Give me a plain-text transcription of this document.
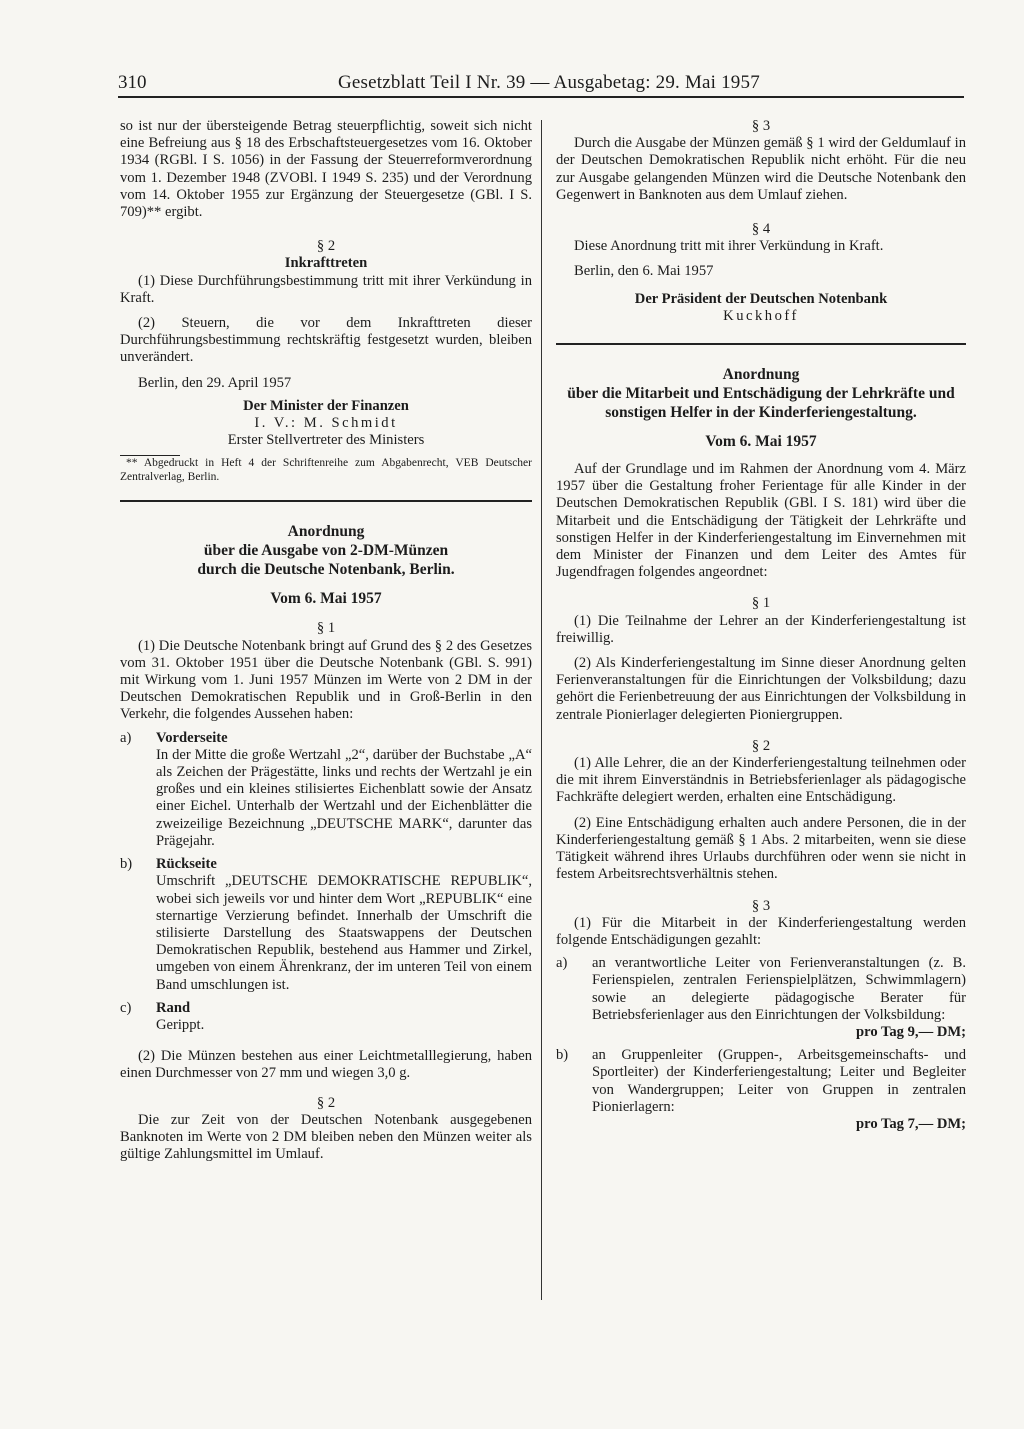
310	Gesetzblatt Teil I Nr. 39 — Ausgabetag: 29. Mai 1957

so ist nur der übersteigende Betrag steuerpflichtig, soweit sich nicht eine Befreiung aus § 18 des Erbschaftsteuergesetzes vom 16. Oktober 1934 (RGBl. I S. 1056) in der Fassung der Steuerreformverordnung vom 1. Dezember 1948 (ZVOBl. I 1949 S. 235) und der Verordnung vom 14. Oktober 1955 zur Ergänzung der Steuergesetze (GBl. I S. 709)** ergibt.

§ 2

Inkrafttreten

(1) Diese Durchführungsbestimmung tritt mit ihrer Verkündung in Kraft.

(2) Steuern, die vor dem Inkrafttreten dieser Durchführungsbestimmung rechtskräftig festgesetzt wurden, bleiben unverändert.

Berlin, den 29. April 1957

Der Minister der Finanzen

I. V.: M. Schmidt

Erster Stellvertreter des Ministers

** Abgedruckt in Heft 4 der Schriftenreihe zum Abgabenrecht, VEB Deutscher Zentralverlag, Berlin.

Anordnung

über die Ausgabe von 2-DM-Münzen

durch die Deutsche Notenbank, Berlin.

Vom 6. Mai 1957

§ 1

(1) Die Deutsche Notenbank bringt auf Grund des § 2 des Gesetzes vom 31. Oktober 1951 über die Deutsche Notenbank (GBl. S. 991) mit Wirkung vom 1. Juni 1957 Münzen im Werte von 2 DM in der Deutschen Demokratischen Republik und in Groß-Berlin in den Verkehr, die folgendes Aussehen haben:

a)	Vorderseite

In der Mitte die große Wertzahl „2“, darüber der Buchstabe „A“ als Zeichen der Prägestätte, links und rechts der Wertzahl je ein großes und ein kleines stilisiertes Eichenblatt sowie der Ansatz einer Eichel. Unterhalb der Wertzahl und der Eichenblätter die zweizeilige Bezeichnung „DEUTSCHE MARK“, darunter das Prägejahr.

b)	Rückseite

Umschrift „DEUTSCHE DEMOKRATISCHE REPUBLIK“, wobei sich jeweils vor und hinter dem Wort „REPUBLIK“ eine sternartige Verzierung befindet. Innerhalb der Umschrift die stilisierte Darstellung des Staatswappens der Deutschen Demokratischen Republik, bestehend aus Hammer und Zirkel, umgeben von einem Ährenkranz, der im unteren Teil von einem Band umschlungen ist.

c)	Rand

Gerippt.

(2) Die Münzen bestehen aus einer Leichtmetalllegierung, haben einen Durchmesser von 27 mm und wiegen 3,0 g.

§ 2

Die zur Zeit von der Deutschen Notenbank ausgegebenen Banknoten im Werte von 2 DM bleiben neben den Münzen weiter als gültige Zahlungsmittel im Umlauf.

§ 3

Durch die Ausgabe der Münzen gemäß § 1 wird der Geldumlauf in der Deutschen Demokratischen Republik nicht erhöht. Für die neu zur Ausgabe gelangenden Münzen wird die Deutsche Notenbank den Gegenwert in Banknoten aus dem Umlauf ziehen.

§ 4

Diese Anordnung tritt mit ihrer Verkündung in Kraft.

Berlin, den 6. Mai 1957

Der Präsident der Deutschen Notenbank

Kuckhoff

Anordnung

über die Mitarbeit und Entschädigung der Lehrkräfte und sonstigen Helfer in der Kinderferiengestaltung.

Vom 6. Mai 1957

Auf der Grundlage und im Rahmen der Anordnung vom 4. März 1957 über die Gestaltung froher Ferientage für alle Kinder in der Deutschen Demokratischen Republik (GBl. I S. 181) wird über die Mitarbeit und die Entschädigung der Tätigkeit der Lehrkräfte und sonstigen Helfer in der Kinderferiengestaltung im Einvernehmen mit dem Minister der Finanzen und dem Leiter des Amtes für Jugendfragen folgendes angeordnet:

§ 1

(1) Die Teilnahme der Lehrer an der Kinderferiengestaltung ist freiwillig.

(2) Als Kinderferiengestaltung im Sinne dieser Anordnung gelten Ferienveranstaltungen für die Einrichtungen der Volksbildung; dazu gehört die Ferienbetreuung der aus Einrichtungen der Volksbildung in zentrale Pionierlager delegierten Pioniergruppen.

§ 2

(1) Alle Lehrer, die an der Kinderferiengestaltung teilnehmen oder die mit ihrem Einverständnis in Betriebsferienlager als pädagogische Fachkräfte delegiert werden, erhalten eine Entschädigung.

(2) Eine Entschädigung erhalten auch andere Personen, die in der Kinderferiengestaltung gemäß § 1 Abs. 2 mitarbeiten, wenn sie diese Tätigkeit während ihres Urlaubs durchführen oder wenn sie nicht in festem Arbeitsrechtsverhältnis stehen.

§ 3

(1) Für die Mitarbeit in der Kinderferiengestaltung werden folgende Entschädigungen gezahlt:

a)	an verantwortliche Leiter von Ferienveranstaltungen (z. B. Ferienspielen, zentralen Ferienspielplätzen, Schwimmlagern) sowie an delegierte pädagogische Berater für Betriebsferienlager aus den Einrichtungen der Volksbildung:

pro Tag 9,— DM;

b)	an Gruppenleiter (Gruppen-, Arbeitsgemeinschafts- und Sportleiter) der Kinderferiengestaltung; Leiter und Begleiter von Wandergruppen; Leiter von Gruppen in zentralen Pionierlagern:

pro Tag 7,— DM;
